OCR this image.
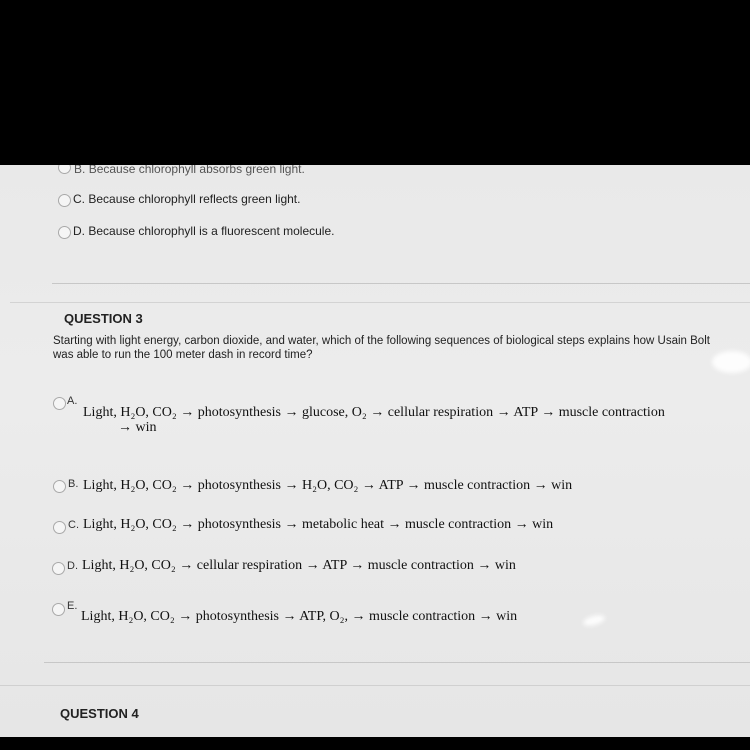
B. Because chlorophyll absorbs green light.
C. Because chlorophyll reflects green light.
D. Because chlorophyll is a fluorescent molecule.
QUESTION 3
Starting with light energy, carbon dioxide, and water, which of the following sequences of biological steps explains how Usain Bolt was able to run the 100 meter dash in record time?
A.
Light, H₂O, CO₂ → photosynthesis → glucose, O₂ → cellular respiration → ATP → muscle contraction
→ win
B. Light, H₂O, CO₂ → photosynthesis → H₂O, CO₂ → ATP → muscle contraction → win
C. Light, H₂O, CO₂ → photosynthesis → metabolic heat → muscle contraction → win
D. Light, H₂O, CO₂ → cellular respiration → ATP → muscle contraction → win
E.
Light, H₂O, CO₂ → photosynthesis → ATP, O₂, → muscle contraction → win
QUESTION 4
